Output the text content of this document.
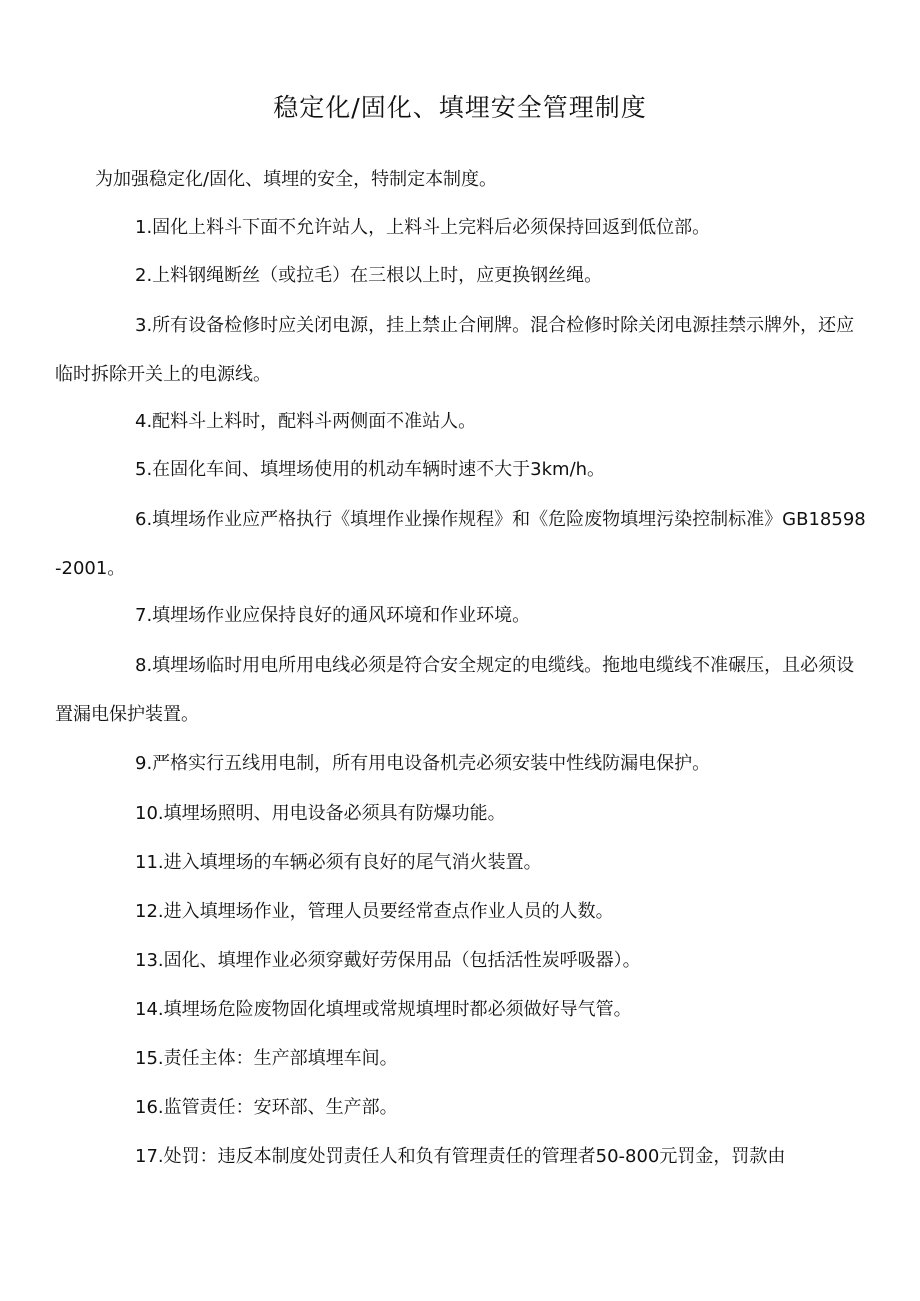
稳定化/固化、填埋安全管理制度
为加强稳定化/固化、填埋的安全，特制定本制度。
1.固化上料斗下面不允许站人，上料斗上完料后必须保持回返到低位部。
2.上料钢绳断丝（或拉毛）在三根以上时，应更换钢丝绳。
3.所有设备检修时应关闭电源，挂上禁止合闸牌。混合检修时除关闭电源挂禁示牌外，还应临时拆除开关上的电源线。
4.配料斗上料时，配料斗两侧面不准站人。
5.在固化车间、填埋场使用的机动车辆时速不大于3km∕h。
6.填埋场作业应严格执行《填埋作业操作规程》和《危险废物填埋污染控制标准》GB18598-2001。
7.填埋场作业应保持良好的通风环境和作业环境。
8.填埋场临时用电所用电线必须是符合安全规定的电缆线。拖地电缆线不准碾压，且必须设置漏电保护装置。
9.严格实行五线用电制，所有用电设备机壳必须安装中性线防漏电保护。
10.填埋场照明、用电设备必须具有防爆功能。
11.进入填埋场的车辆必须有良好的尾气消火装置。
12.进入填埋场作业，管理人员要经常查点作业人员的人数。
13.固化、填埋作业必须穿戴好劳保用品（包括活性炭呼吸器）。
14.填埋场危险废物固化填埋或常规填埋时都必须做好导气管。
15.责任主体：生产部填埋车间。
16.监管责任：安环部、生产部。
17.处罚：违反本制度处罚责任人和负有管理责任的管理者50-800元罚金，罚款由
